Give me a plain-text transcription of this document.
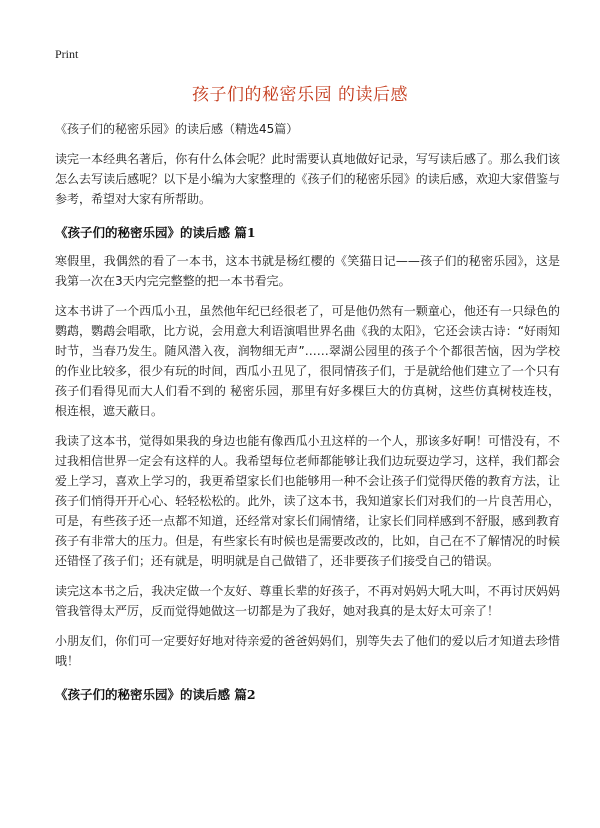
Print
孩子们的秘密乐园 的读后感
《孩子们的秘密乐园》的读后感（精选45篇）

读完一本经典名著后，你有什么体会呢？此时需要认真地做好记录，写写读后感了。那么我们该怎么去写读后感呢？以下是小编为大家整理的《孩子们的秘密乐园》的读后感，欢迎大家借鉴与参考，希望对大家有所帮助。

《孩子们的秘密乐园》的读后感 篇1

寒假里，我偶然的看了一本书，这本书就是杨红樱的《笑猫日记——孩子们的秘密乐园》，这是我第一次在3天内完完整整的把一本书看完。

这本书讲了一个西瓜小丑，虽然他年纪已经很老了，可是他仍然有一颗童心，他还有一只绿色的鹦鹉，鹦鹉会唱歌，比方说，会用意大利语演唱世界名曲《我的太阳》，它还会读古诗：“好雨知时节，当春乃发生。随风潜入夜，润物细无声”……翠湖公园里的孩子个个都很苦恼，因为学校的作业比较多，很少有玩的时间，西瓜小丑见了，很同情孩子们，于是就给他们建立了一个只有孩子们看得见而大人们看不到的 秘密乐园，那里有好多棵巨大的仿真树，这些仿真树枝连枝，根连根，遮天蔽日。

我读了这本书，觉得如果我的身边也能有像西瓜小丑这样的一个人，那该多好啊！可惜没有，不过我相信世界一定会有这样的人。我希望每位老师都能够让我们边玩耍边学习，这样，我们都会爱上学习，喜欢上学习的，我更希望家长们也能够用一种不会让孩子们觉得厌倦的教育方法，让孩子们悄得开开心心、轻轻松松的。此外，读了这本书，我知道家长们对我们的一片良苦用心，可是，有些孩子还一点都不知道，还经常对家长们闹情绪，让家长们同样感到不舒服，感到教育孩子有非常大的压力。但是，有些家长有时候也是需要改改的，比如，自己在不了解情况的时候还错怪了孩子们；还有就是，明明就是自己做错了，还非要孩子们接受自己的错误。

读完这本书之后，我决定做一个友好、尊重长辈的好孩子，不再对妈妈大吼大叫，不再讨厌妈妈管我管得太严厉，反而觉得她做这一切都是为了我好，她对我真的是太好太可亲了！

小朋友们，你们可一定要好好地对待亲爱的爸爸妈妈们，别等失去了他们的爱以后才知道去珍惜哦！

《孩子们的秘密乐园》的读后感 篇2
